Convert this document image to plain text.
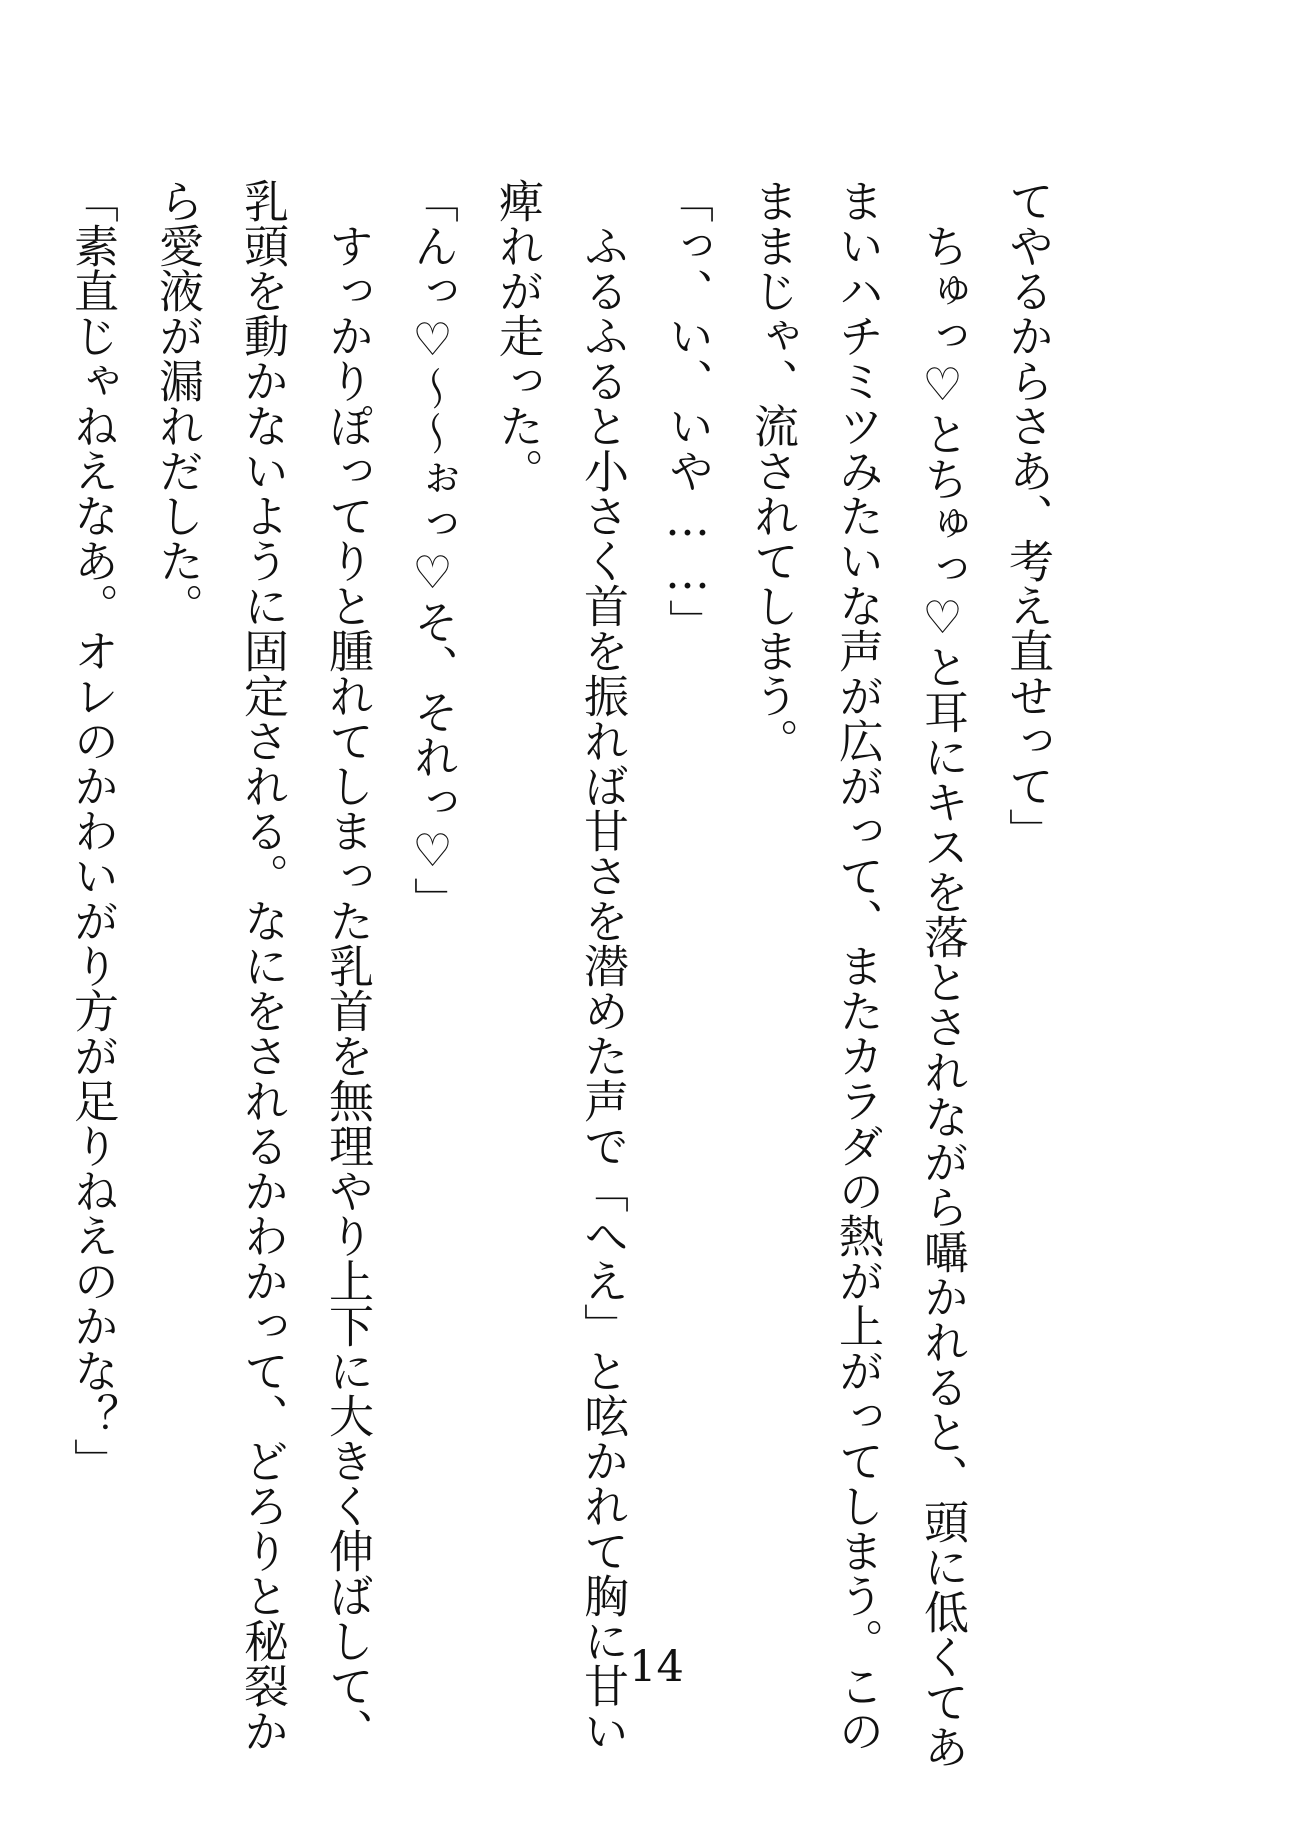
てやるからさあ、考え直せって」
　ちゅっ♡とちゅっ♡と耳にキスを落とされながら囁かれると、頭に低くてあ
まいハチミツみたいな声が広がって、またカラダの熱が上がってしまう。この
ままじゃ、流されてしまう。
「っ、い、いや……」
　ふるふると小さく首を振れば甘さを潜めた声で「へえ」と呟かれて胸に甘い
痺れが走った。
「んっ♡〜〜ぉっ♡そ、それっ♡」
　すっかりぽってりと腫れてしまった乳首を無理やり上下に大きく伸ばして、
乳頭を動かないように固定される。なにをされるかわかって、どろりと秘裂か
ら愛液が漏れだした。
「素直じゃねえなあ。オレのかわいがり方が足りねえのかな？」
14
